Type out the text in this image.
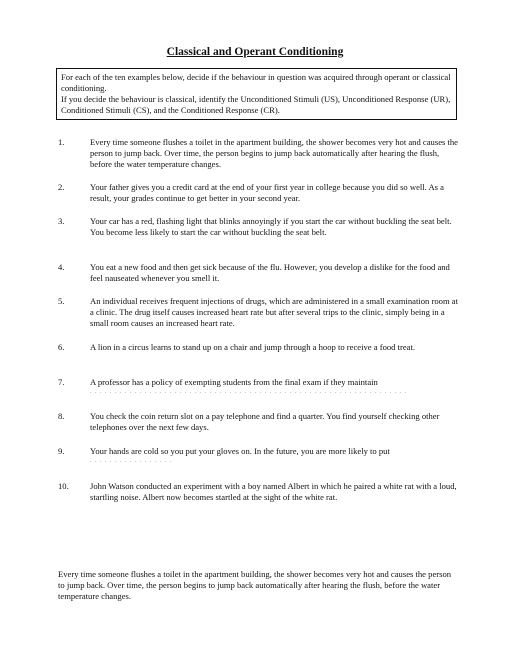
Classical and Operant Conditioning

For each of the ten examples below, decide if the behaviour in question was acquired through operant or classical conditioning.

If you decide the behaviour is classical, identify the Unconditioned Stimuli (US), Unconditioned Response (UR), Conditioned Stimuli (CS), and the Conditioned Response (CR).

1.	Every time someone flushes a toilet in the apartment building, the shower becomes very hot and causes the person to jump back. Over time, the person begins to jump back automatically after hearing the flush, before the water temperature changes.
2.	Your father gives you a credit card at the end of your first year in college because you did so well. As a result, your grades continue to get better in your second year.
3.	Your car has a red, flashing light that blinks annoyingly if you start the car without buckling the seat belt. You become less likely to start the car without buckling the seat belt.
4.	You eat a new food and then get sick because of the flu. However, you develop a dislike for the food and feel nauseated whenever you smell it.
5.	An individual receives frequent injections of drugs, which are administered in a small examination room at a clinic. The drug itself causes increased heart rate but after several trips to the clinic, simply being in a small room causes an increased heart rate.
6.	A lion in a circus learns to stand up on a chair and jump through a hoop to receive a food treat.
7.	A professor has a policy of exempting students from the final exam if they maintain
. . . . . . . . . . . . . . . . . . . . . . . . . . . . . . . . . . . . . . . . . . . . . . . . . . . . . . . . . . . . . . . .
8.	You check the coin return slot on a pay telephone and find a quarter. You find yourself checking other telephones over the next few days.
9.	Your hands are cold so you put your gloves on. In the future, you are more likely to put
. . . . . . . . . . . . . . . . .
10. John Watson conducted an experiment with a boy named Albert in which he paired a white rat with a loud, startling noise. Albert now becomes startled at the sight of the white rat.
Every time someone flushes a toilet in the apartment building, the shower becomes very hot and causes the person to jump back. Over time, the person begins to jump back automatically after hearing the flush, before the water temperature changes.
